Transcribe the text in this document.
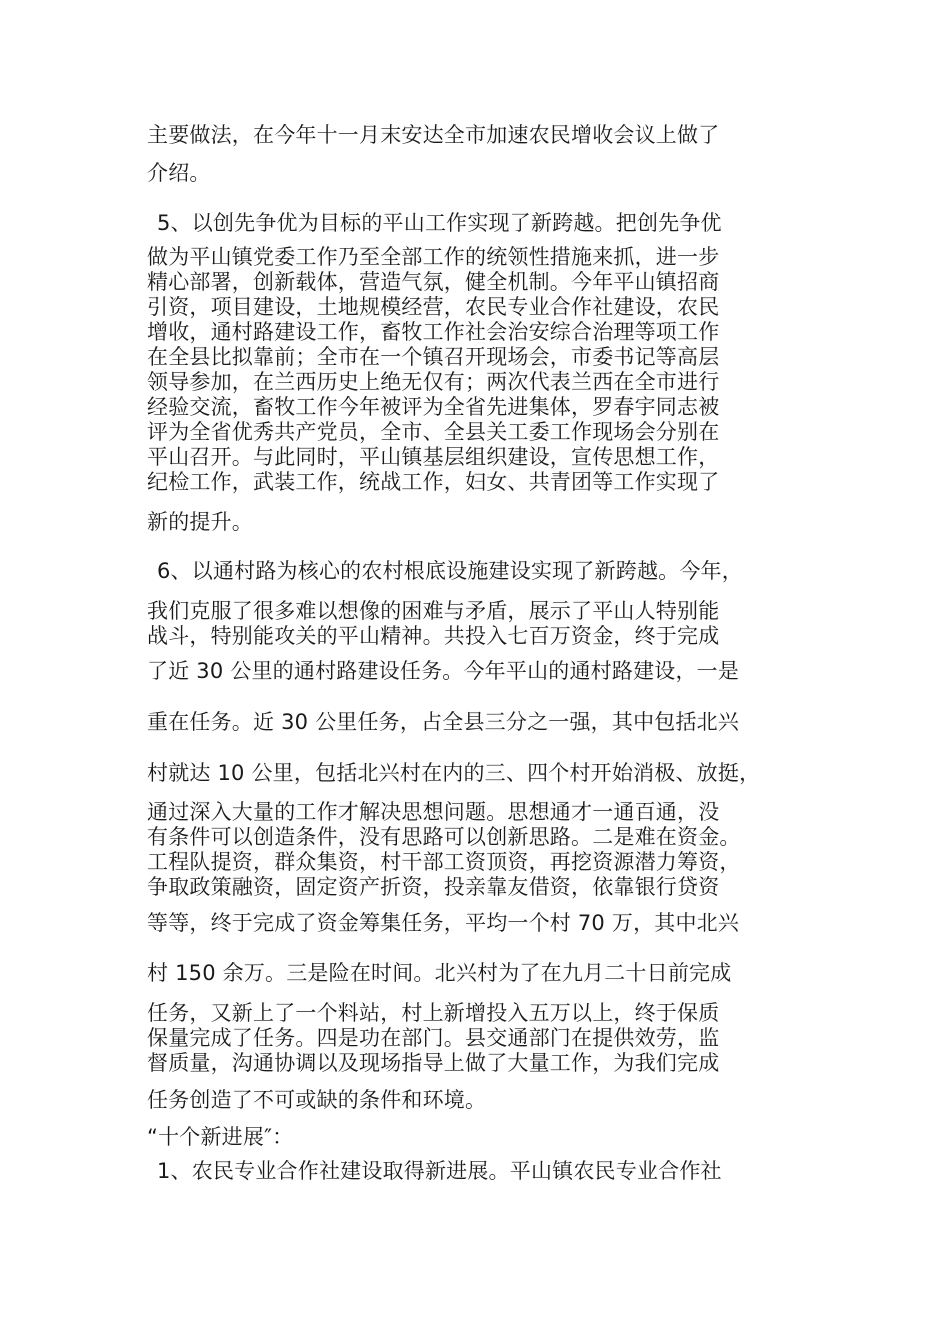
主要做法，在今年十一月末安达全市加速农民增收会议上做了
介绍。
5、以创先争优为目标的平山工作实现了新跨越。把创先争优
做为平山镇党委工作乃至全部工作的统领性措施来抓，进一步
精心部署，创新载体，营造气氛，健全机制。今年平山镇招商
引资，项目建设，土地规模经营，农民专业合作社建设，农民
增收，通村路建设工作，畜牧工作社会治安综合治理等项工作
在全县比拟靠前；全市在一个镇召开现场会，市委书记等高层
领导参加，在兰西历史上绝无仅有；两次代表兰西在全市进行
经验交流，畜牧工作今年被评为全省先进集体，罗春宇同志被
评为全省优秀共产党员，全市、全县关工委工作现场会分别在
平山召开。与此同时，平山镇基层组织建设，宣传思想工作，
纪检工作，武装工作，统战工作，妇女、共青团等工作实现了
新的提升。
6、以通村路为核心的农村根底设施建设实现了新跨越。今年，
我们克服了很多难以想像的困难与矛盾，展示了平山人特别能
战斗，特别能攻关的平山精神。共投入七百万资金，终于完成
了近 30 公里的通村路建设任务。今年平山的通村路建设，一是
重在任务。近 30 公里任务，占全县三分之一强，其中包括北兴
村就达 10 公里，包括北兴村在内的三、四个村开始消极、放挺，
通过深入大量的工作才解决思想问题。思想通才一通百通，没
有条件可以创造条件，没有思路可以创新思路。二是难在资金。
工程队提资，群众集资，村干部工资顶资，再挖资源潜力筹资，
争取政策融资，固定资产折资，投亲靠友借资，依靠银行贷资
等等，终于完成了资金筹集任务，平均一个村 70 万，其中北兴
村 150 余万。三是险在时间。北兴村为了在九月二十日前完成
任务，又新上了一个料站，村上新增投入五万以上，终于保质
保量完成了任务。四是功在部门。县交通部门在提供效劳，监
督质量，沟通协调以及现场指导上做了大量工作，为我们完成
任务创造了不可或缺的条件和环境。
“十个新进展″：
1、农民专业合作社建设取得新进展。平山镇农民专业合作社
